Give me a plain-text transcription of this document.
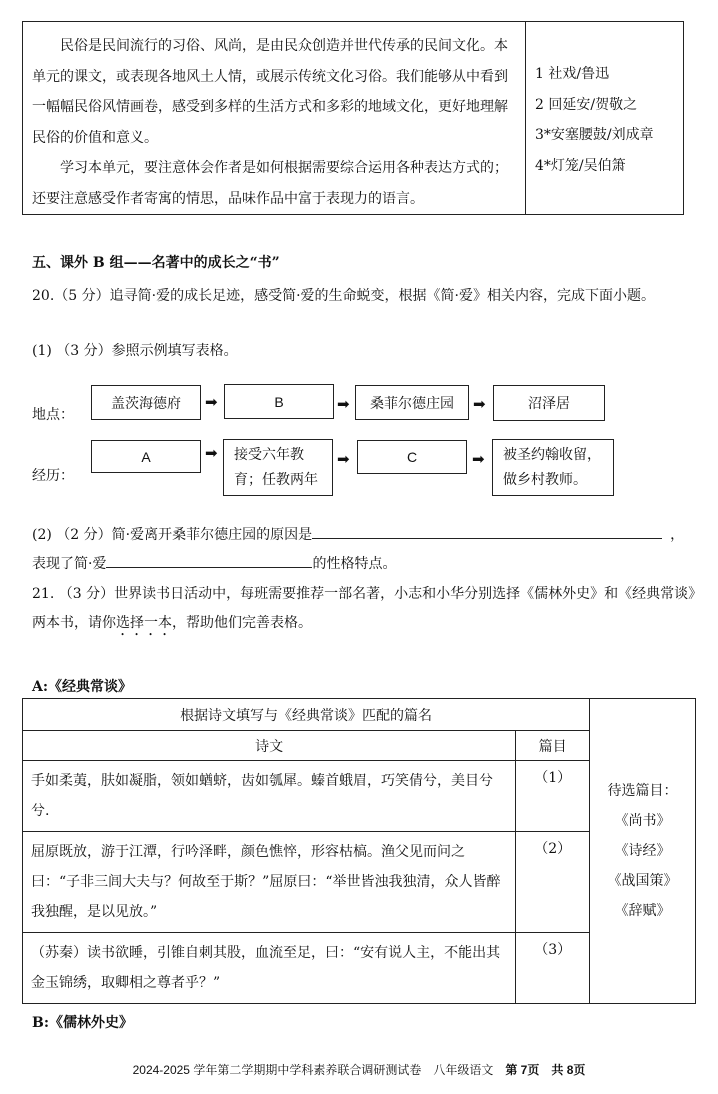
民俗是民间流行的习俗、风尚，是由民众创造并世代传承的民间文化。本单元的课文，或表现各地风土人情，或展示传统文化习俗。我们能够从中看到一幅幅民俗风情画卷，感受到多样的生活方式和多彩的地域文化，更好地理解民俗的价值和意义。

学习本单元，要注意体会作者是如何根据需要综合运用各种表达方式的；还要注意感受作者寄寓的情思，品味作品中富于表现力的语言。

1 社戏/鲁迅
2 回延安/贺敬之
3*安塞腰鼓/刘成章
4*灯笼/吴伯箫
五、课外 B 组——名著中的成长之“书”
20.（5 分）追寻简·爱的成长足迹，感受简·爱的生命蜕变，根据《简·爱》相关内容，完成下面小题。
(1) （3 分）参照示例填写表格。
地点：
盖茨海德府	➡	B	➡	桑菲尔德庄园	➡	沼泽居
经历：
A	➡ 接受六年教
育；任教两年
➡	C	➡ 被圣约翰收留，
做乡村教师。
(2) （2 分）简·爱离开桑菲尔德庄园的原因是	，
表现了简·爱	的性格特点。
21. （3 分）世界读书日活动中，每班需要推荐一部名著，小志和小华分别选择《儒林外史》和《经典常谈》两本书，请你选择一本，帮助他们完善表格。
A:《经典常谈》
根据诗文填写与《经典常谈》匹配的篇名		待选篇目：
《尚书》
《诗经》
《战国策》
《辞赋》

诗文	篇目	
手如柔荑，肤如凝脂，领如蝤蛴，齿如瓠犀。螓首蛾眉，巧笑倩兮，美目兮兮.	（1）	
屈原既放，游于江潭，行吟泽畔，颜色憔悴，形容枯槁。渔父见而问之曰：“子非三闾大夫与？何故至于斯？”屈原曰：“举世皆浊我独清，众人皆醉我独醒，是以见放。”	（2）	
（苏秦）读书欲睡，引锥自刺其股，血流至足，曰：“安有说人主，不能出其金玉锦绣，取卿相之尊者乎？”	（3）	
B:《儒林外史》
2024-2025 学年第二学期期中学科素养联合调研测试卷　八年级语文　第 7页　共 8页
